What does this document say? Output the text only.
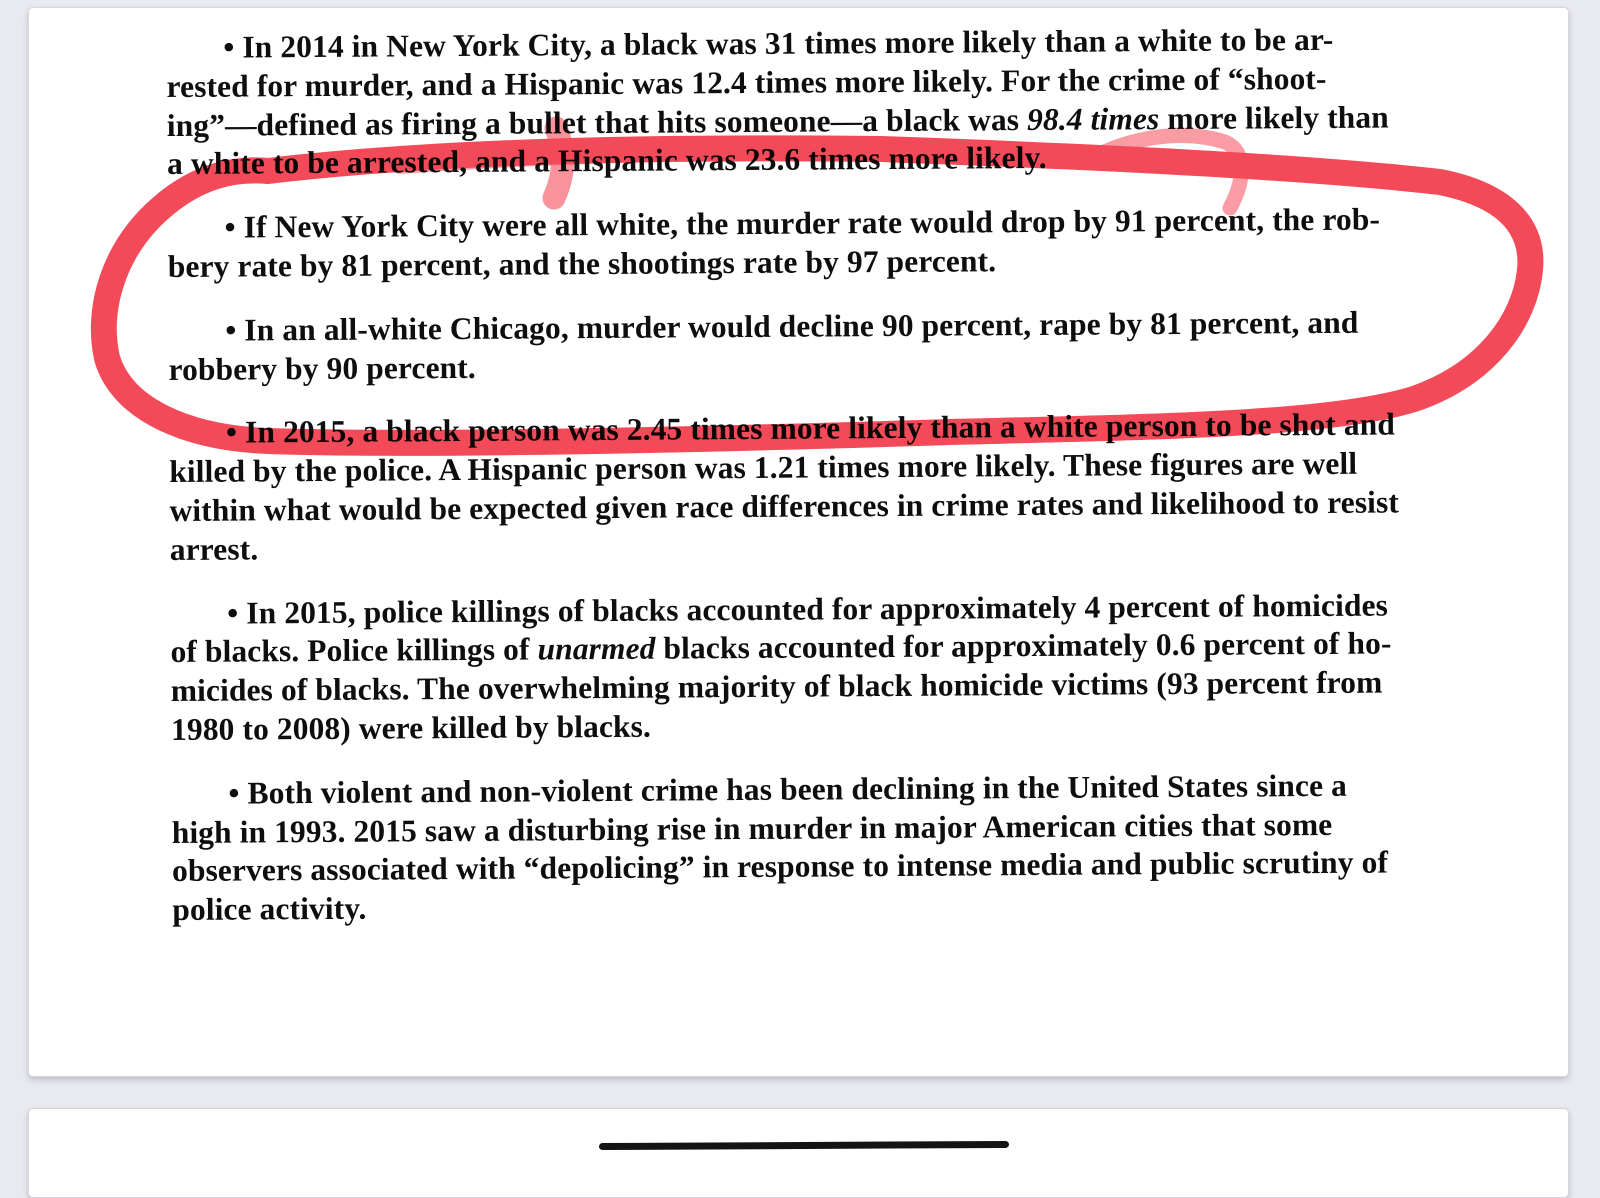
• In 2014 in New York City, a black was 31 times more likely than a white to be ar-
rested for murder, and a Hispanic was 12.4 times more likely. For the crime of “shoot-
ing”—defined as firing a bullet that hits someone—a black was 98.4 times more likely than
a white to be arrested, and a Hispanic was 23.6 times more likely.
• If New York City were all white, the murder rate would drop by 91 percent, the rob-
bery rate by 81 percent, and the shootings rate by 97 percent.
• In an all-white Chicago, murder would decline 90 percent, rape by 81 percent, and
robbery by 90 percent.
• In 2015, a black person was 2.45 times more likely than a white person to be shot and
killed by the police. A Hispanic person was 1.21 times more likely. These figures are well
within what would be expected given race differences in crime rates and likelihood to resist
arrest.
• In 2015, police killings of blacks accounted for approximately 4 percent of homicides
of blacks. Police killings of unarmed blacks accounted for approximately 0.6 percent of ho-
micides of blacks. The overwhelming majority of black homicide victims (93 percent from
1980 to 2008) were killed by blacks.
• Both violent and non-violent crime has been declining in the United States since a
high in 1993. 2015 saw a disturbing rise in murder in major American cities that some
observers associated with “depolicing” in response to intense media and public scrutiny of
police activity.
